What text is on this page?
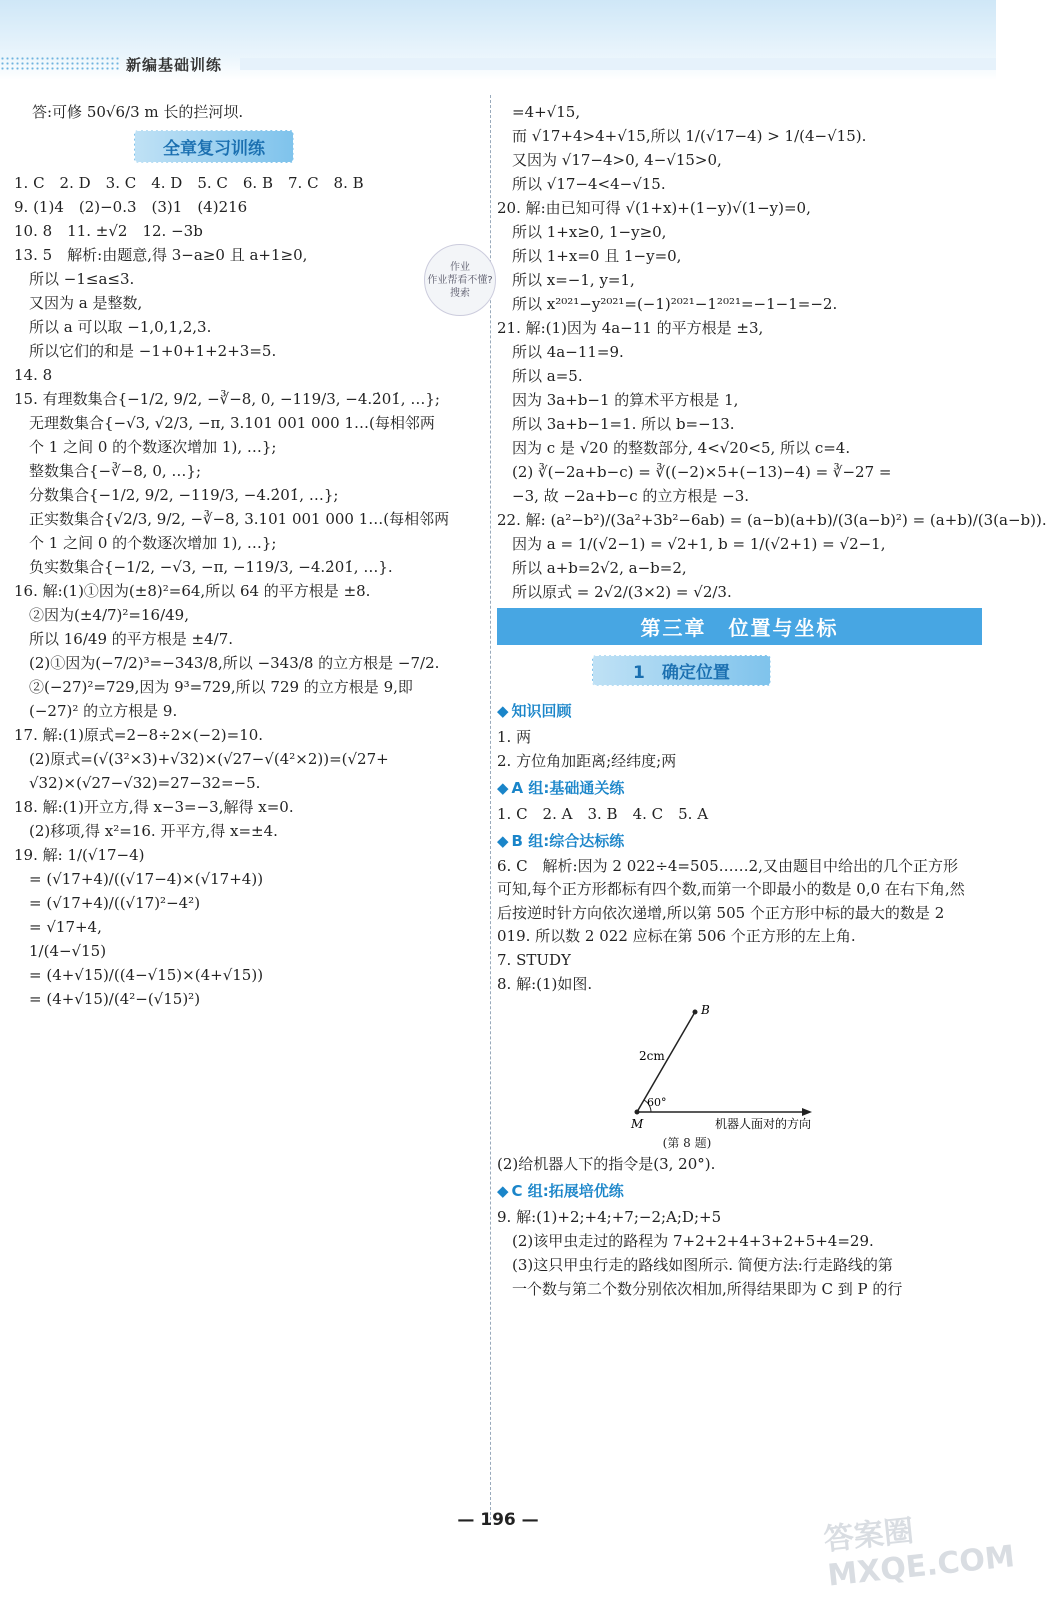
新编基础训练
答:可修 50√6/3 m 长的拦河坝.
全章复习训练
1. C　2. D　3. C　4. D　5. C　6. B　7. C　8. B
9. (1)4　(2)−0.3　(3)1　(4)216
10. 8　11. ±√2　12. −3b
13. 5　解析:由题意,得 3−a≥0 且 a+1≥0,
　所以 −1≤a≤3.
　又因为 a 是整数,
　所以 a 可以取 −1,0,1,2,3.
　所以它们的和是 −1+0+1+2+3=5.
14. 8
15. 有理数集合{−1/2, 9/2, −∛−8, 0, −119/3, −4.2̇01̇, …};
　无理数集合{−√3, √2/3, −π, 3.101 001 000 1…(每相邻两
　个 1 之间 0 的个数逐次增加 1), …};
　整数集合{−∛−8, 0, …};
　分数集合{−1/2, 9/2, −119/3, −4.2̇01̇, …};
　正实数集合{√2/3, 9/2, −∛−8, 3.101 001 000 1…(每相邻两
　个 1 之间 0 的个数逐次增加 1), …};
　负实数集合{−1/2, −√3, −π, −119/3, −4.2̇01̇, …}.
16. 解:(1)①因为(±8)²=64,所以 64 的平方根是 ±8.
　②因为(±4/7)²=16/49,
　所以 16/49 的平方根是 ±4/7.
　(2)①因为(−7/2)³=−343/8,所以 −343/8 的立方根是 −7/2.
　②(−27)²=729,因为 9³=729,所以 729 的立方根是 9,即
　(−27)² 的立方根是 9.
17. 解:(1)原式=2−8÷2×(−2)=10.
　(2)原式=(√(3²×3)+√32)×(√27−√(4²×2))=(√27+
　√32)×(√27−√32)=27−32=−5.
18. 解:(1)开立方,得 x−3=−3,解得 x=0.
　(2)移项,得 x²=16. 开平方,得 x=±4.
19. 解: 1/(√17−4)
　= (√17+4)/((√17−4)×(√17+4))
　= (√17+4)/((√17)²−4²)
　= √17+4,
　1/(4−√15)
　= (4+√15)/((4−√15)×(4+√15))
　= (4+√15)/(4²−(√15)²)
作业
作业帮看不懂?
搜索
　=4+√15,
　而 √17+4>4+√15,所以 1/(√17−4) > 1/(4−√15).
　又因为 √17−4>0, 4−√15>0,
　所以 √17−4<4−√15.
20. 解:由已知可得 √(1+x)+(1−y)√(1−y)=0,
　所以 1+x≥0, 1−y≥0,
　所以 1+x=0 且 1−y=0,
　所以 x=−1, y=1,
　所以 x²⁰²¹−y²⁰²¹=(−1)²⁰²¹−1²⁰²¹=−1−1=−2.
21. 解:(1)因为 4a−11 的平方根是 ±3,
　所以 4a−11=9.
　所以 a=5.
　因为 3a+b−1 的算术平方根是 1,
　所以 3a+b−1=1. 所以 b=−13.
　因为 c 是 √20 的整数部分, 4<√20<5, 所以 c=4.
　(2) ∛(−2a+b−c) = ∛((−2)×5+(−13)−4) = ∛−27 =
　−3, 故 −2a+b−c 的立方根是 −3.
22. 解: (a²−b²)/(3a²+3b²−6ab) = (a−b)(a+b)/(3(a−b)²) = (a+b)/(3(a−b)).
　因为 a = 1/(√2−1) = √2+1, b = 1/(√2+1) = √2−1,
　所以 a+b=2√2, a−b=2,
　所以原式 = 2√2/(3×2) = √2/3.
第三章　位置与坐标
1　确定位置
◆ 知识回顾
1. 两
2. 方位角加距离;经纬度;两
◆ A 组:基础通关练
1. C　2. A　3. B　4. C　5. A
◆ B 组:综合达标练
6. C　解析:因为 2 022÷4=505……2,又由题目中给出的几个正方形可知,每个正方形都标有四个数,而第一个即最小的数是 0,0 在右下角,然后按逆时针方向依次递增,所以第 505 个正方形中标的最大的数是 2 019. 所以数 2 022 应标在第 506 个正方形的左上角.
7. STUDY
8. 解:(1)如图.
B
M
2cm
60°
机器人面对的方向
(第 8 题)
(2)给机器人下的指令是(3, 20°).
◆ C 组:拓展培优练
9. 解:(1)+2;+4;+7;−2;A;D;+5
　(2)该甲虫走过的路程为 7+2+2+4+3+2+5+4=29.
　(3)这只甲虫行走的路线如图所示. 简便方法:行走路线的第
　一个数与第二个数分别依次相加,所得结果即为 C 到 P 的行
答案圈 MXQE.COM
— 196 —
